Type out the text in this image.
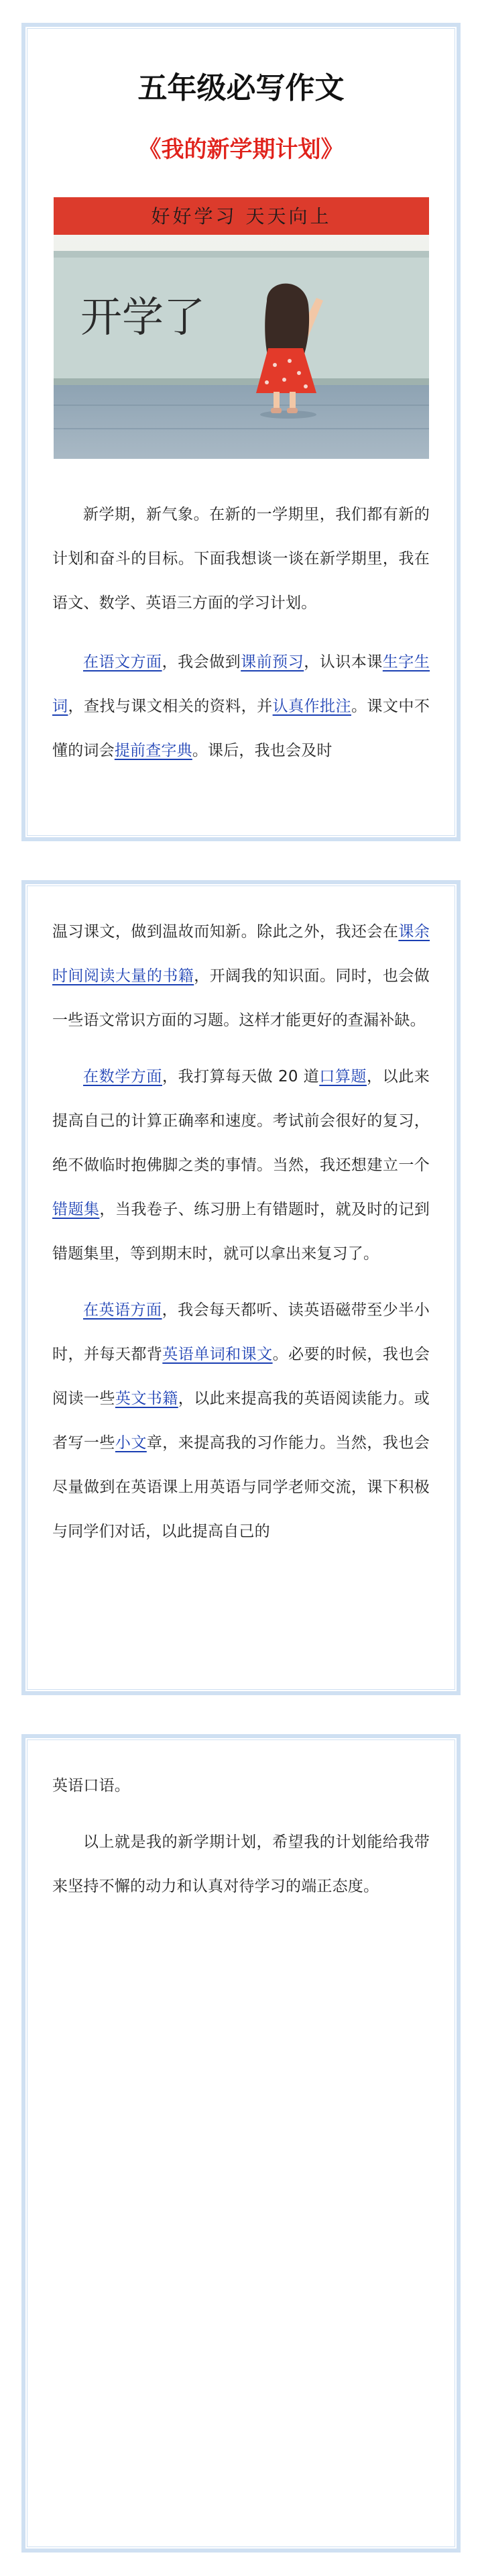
五年级必写作文
《我的新学期计划》
好好学习 天天向上
开学了

新学期，新气象。在新的一学期里，我们都有新的计划和奋斗的目标。下面我想谈一谈在新学期里，我在语文、数学、英语三方面的学习计划。

在语文方面，我会做到课前预习，认识本课生字生词，查找与课文相关的资料，并认真作批注。课文中不懂的词会提前查字典。课后，我也会及时

温习课文，做到温故而知新。除此之外，我还会在课余时间阅读大量的书籍，开阔我的知识面。同时，也会做一些语文常识方面的习题。这样才能更好的查漏补缺。

在数学方面，我打算每天做 20 道口算题，以此来提高自己的计算正确率和速度。考试前会很好的复习，绝不做临时抱佛脚之类的事情。当然，我还想建立一个错题集，当我卷子、练习册上有错题时，就及时的记到错题集里，等到期末时，就可以拿出来复习了。

在英语方面，我会每天都听、读英语磁带至少半小时，并每天都背英语单词和课文。必要的时候，我也会阅读一些英文书籍，以此来提高我的英语阅读能力。或者写一些小文章，来提高我的习作能力。当然，我也会尽量做到在英语课上用英语与同学老师交流，课下积极与同学们对话，以此提高自己的

英语口语。

以上就是我的新学期计划，希望我的计划能给我带来坚持不懈的动力和认真对待学习的端正态度。
